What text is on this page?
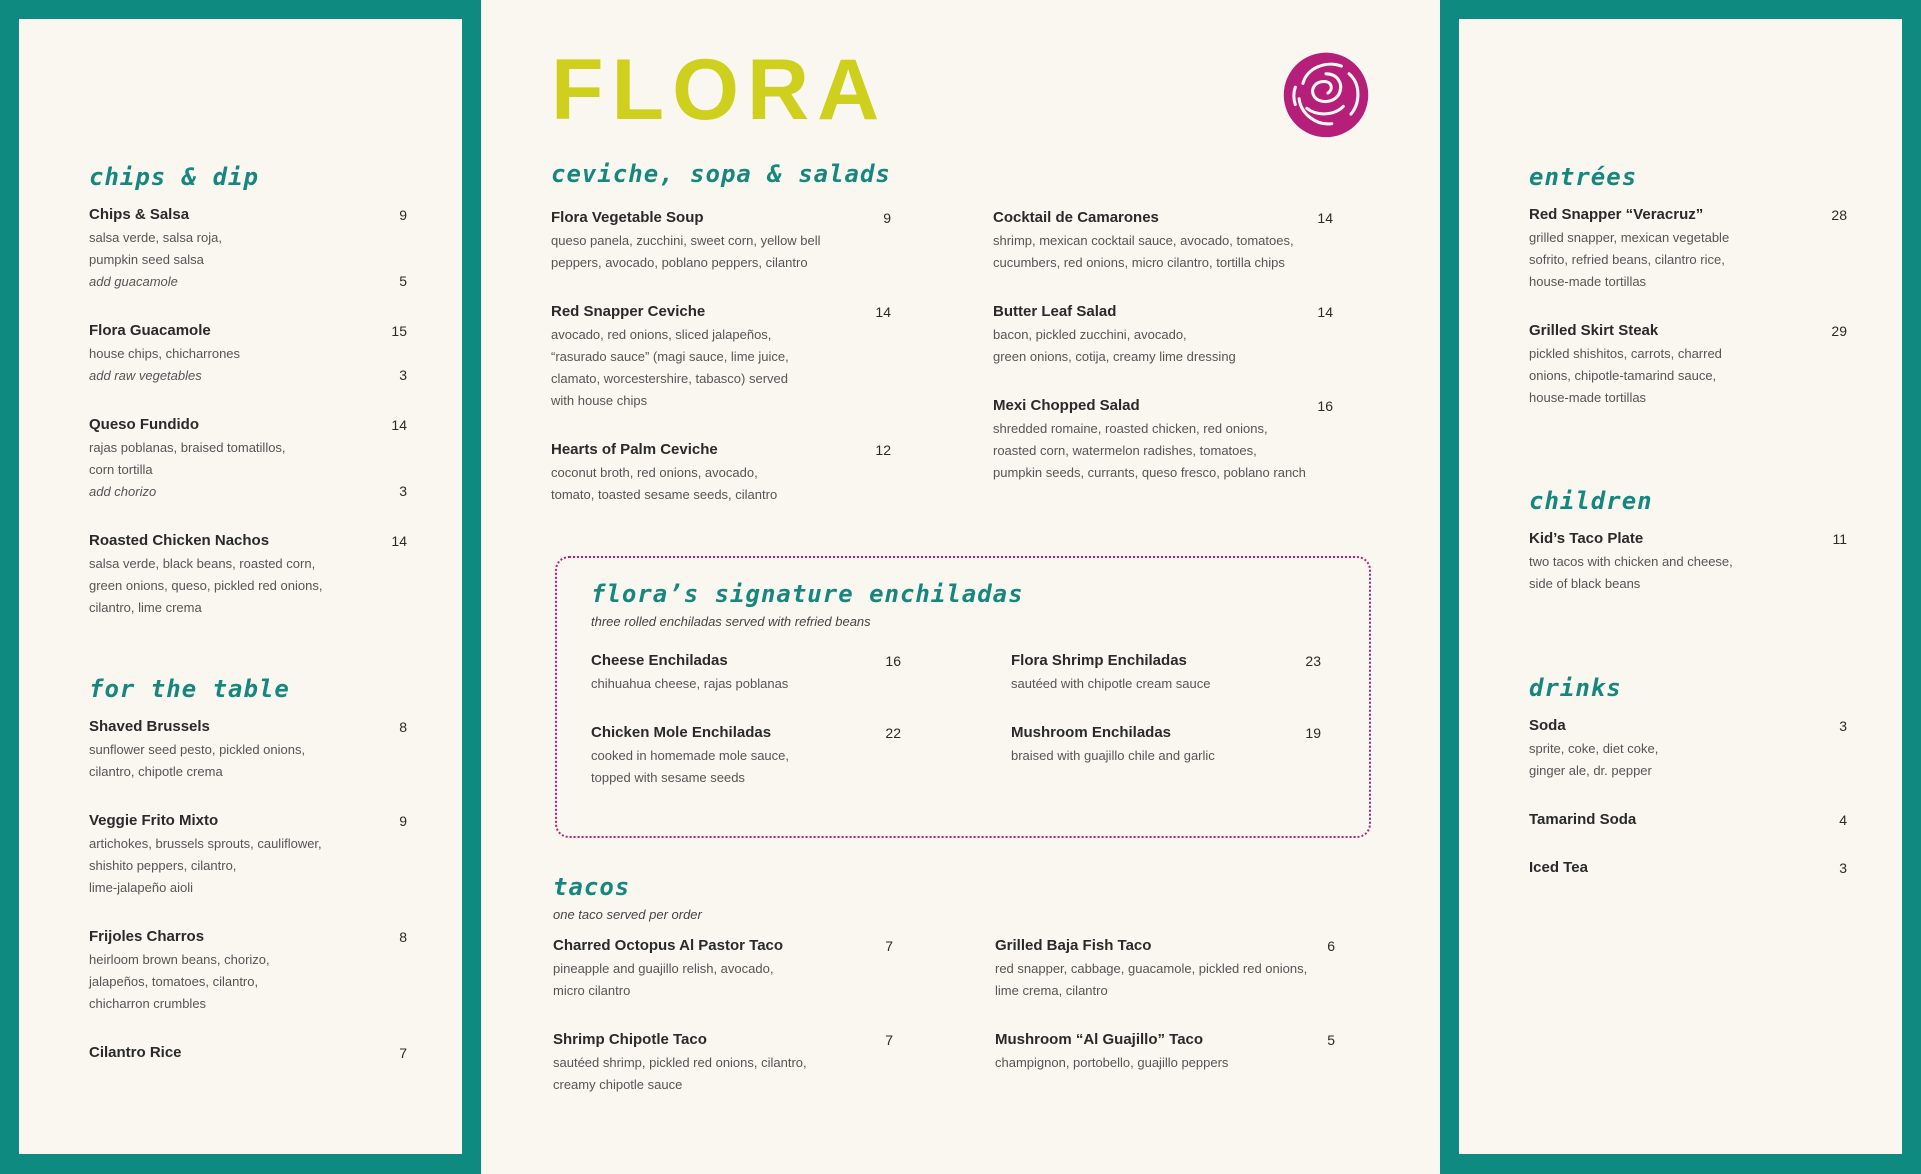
chips & dip
Chips & Salsa	9
salsa verde, salsa roja,
pumpkin seed salsa
add guacamole	5
Flora Guacamole	15
house chips, chicharrones
add raw vegetables	3
Queso Fundido	14
rajas poblanas, braised tomatillos,
corn tortilla
add chorizo	3
Roasted Chicken Nachos	14
salsa verde, black beans, roasted corn,
green onions, queso, pickled red onions,
cilantro, lime crema
for the table
Shaved Brussels	8
sunflower seed pesto, pickled onions,
cilantro, chipotle crema
Veggie Frito Mixto	9
artichokes, brussels sprouts, cauliflower,
shishito peppers, cilantro,
lime-jalapeño aioli
Frijoles Charros	8
heirloom brown beans, chorizo,
jalapeños, tomatoes, cilantro,
chicharron crumbles
Cilantro Rice	7
FLORA
ceviche, sopa & salads
Flora Vegetable Soup	9
queso panela, zucchini, sweet corn, yellow bell
peppers, avocado, poblano peppers, cilantro
Red Snapper Ceviche	14
avocado, red onions, sliced jalapeños,
“rasurado sauce” (magi sauce, lime juice,
clamato, worcestershire, tabasco) served
with house chips
Hearts of Palm Ceviche	12
coconut broth, red onions, avocado,
tomato, toasted sesame seeds, cilantro
Cocktail de Camarones	14
shrimp, mexican cocktail sauce, avocado, tomatoes,
cucumbers, red onions, micro cilantro, tortilla chips
Butter Leaf Salad	14
bacon, pickled zucchini, avocado,
green onions, cotija, creamy lime dressing
Mexi Chopped Salad	16
shredded romaine, roasted chicken, red onions,
roasted corn, watermelon radishes, tomatoes,
pumpkin seeds, currants, queso fresco, poblano ranch
flora’s signature enchiladas

three rolled enchiladas served with refried beans

Cheese Enchiladas	16
chihuahua cheese, rajas poblanas
Chicken Mole Enchiladas	22
cooked in homemade mole sauce,
topped with sesame seeds
Flora Shrimp Enchiladas	23
sautéed with chipotle cream sauce
Mushroom Enchiladas	19
braised with guajillo chile and garlic
tacos

one taco served per order

Charred Octopus Al Pastor Taco	7
pineapple and guajillo relish, avocado,
micro cilantro
Shrimp Chipotle Taco	7
sautéed shrimp, pickled red onions, cilantro,
creamy chipotle sauce
Grilled Baja Fish Taco	6
red snapper, cabbage, guacamole, pickled red onions,
lime crema, cilantro
Mushroom “Al Guajillo” Taco	5
champignon, portobello, guajillo peppers
entrées
Red Snapper “Veracruz”	28
grilled snapper, mexican vegetable
sofrito, refried beans, cilantro rice,
house-made tortillas
Grilled Skirt Steak	29
pickled shishitos, carrots, charred
onions, chipotle-tamarind sauce,
house-made tortillas
children
Kid’s Taco Plate	11
two tacos with chicken and cheese,
side of black beans
drinks
Soda	3
sprite, coke, diet coke,
ginger ale, dr. pepper
Tamarind Soda	4
Iced Tea	3
